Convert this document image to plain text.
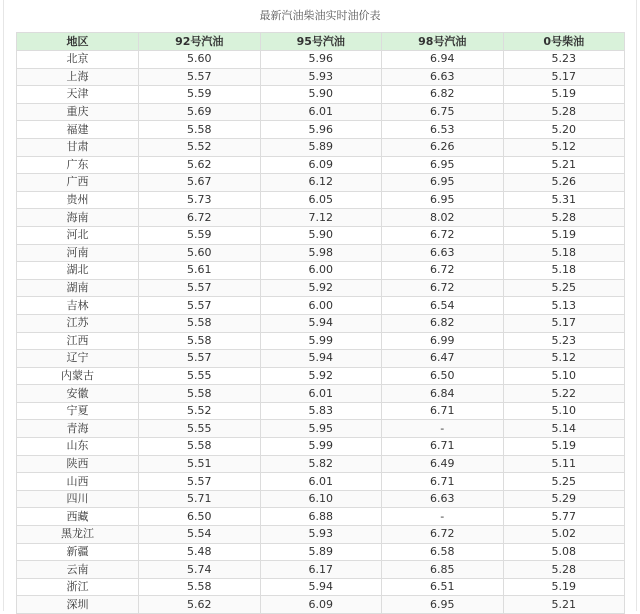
最新汽油柴油实时油价表
地区	92号汽油	95号汽油	98号汽油	0号柴油
北京	5.60	5.96	6.94	5.23
上海	5.57	5.93	6.63	5.17
天津	5.59	5.90	6.82	5.19
重庆	5.69	6.01	6.75	5.28
福建	5.58	5.96	6.53	5.20
甘肃	5.52	5.89	6.26	5.12
广东	5.62	6.09	6.95	5.21
广西	5.67	6.12	6.95	5.26
贵州	5.73	6.05	6.95	5.31
海南	6.72	7.12	8.02	5.28
河北	5.59	5.90	6.72	5.19
河南	5.60	5.98	6.63	5.18
湖北	5.61	6.00	6.72	5.18
湖南	5.57	5.92	6.72	5.25
吉林	5.57	6.00	6.54	5.13
江苏	5.58	5.94	6.82	5.17
江西	5.58	5.99	6.99	5.23
辽宁	5.57	5.94	6.47	5.12
内蒙古	5.55	5.92	6.50	5.10
安徽	5.58	6.01	6.84	5.22
宁夏	5.52	5.83	6.71	5.10
青海	5.55	5.95	-	5.14
山东	5.58	5.99	6.71	5.19
陕西	5.51	5.82	6.49	5.11
山西	5.57	6.01	6.71	5.25
四川	5.71	6.10	6.63	5.29
西藏	6.50	6.88	-	5.77
黑龙江	5.54	5.93	6.72	5.02
新疆	5.48	5.89	6.58	5.08
云南	5.74	6.17	6.85	5.28
浙江	5.58	5.94	6.51	5.19
深圳	5.62	6.09	6.95	5.21
